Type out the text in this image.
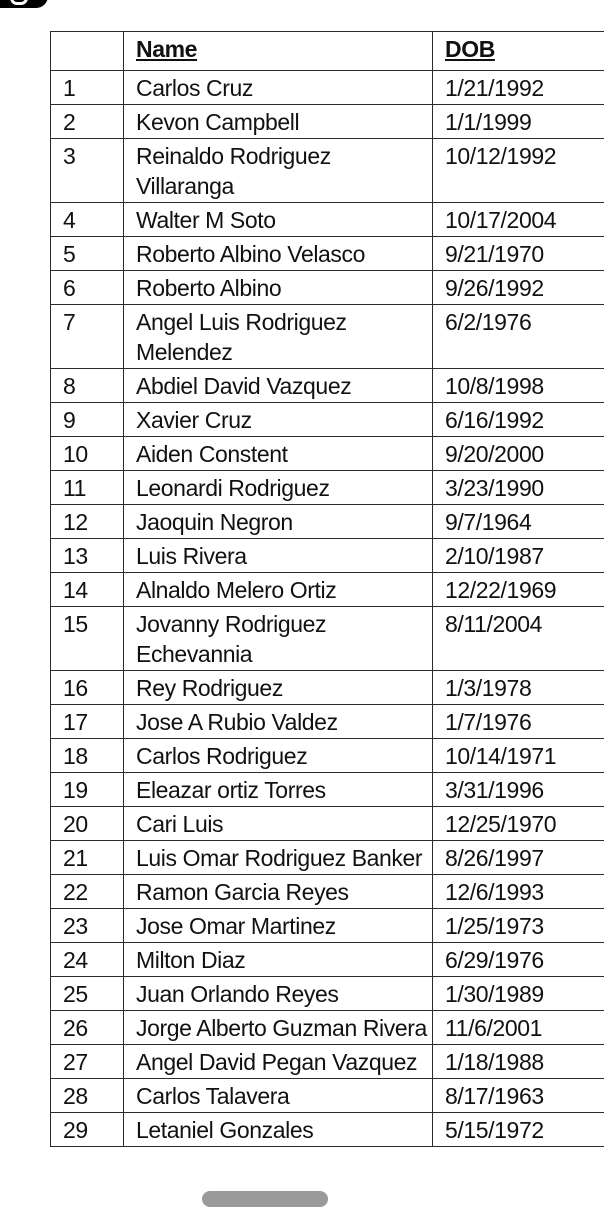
	Name	DOB
1	Carlos Cruz	1/21/1992
2	Kevon Campbell	1/1/1999
3	Reinaldo Rodriguez Villaranga	10/12/1992
4	Walter M Soto	10/17/2004
5	Roberto Albino Velasco	9/21/1970
6	Roberto Albino	9/26/1992
7	Angel Luis Rodriguez Melendez	6/2/1976
8	Abdiel David Vazquez	10/8/1998
9	Xavier Cruz	6/16/1992
10	Aiden Constent	9/20/2000
11	Leonardi Rodriguez	3/23/1990
12	Jaoquin Negron	9/7/1964
13	Luis Rivera	2/10/1987
14	Alnaldo Melero Ortiz	12/22/1969
15	Jovanny Rodriguez Echevannia	8/11/2004
16	Rey Rodriguez	1/3/1978
17	Jose A Rubio Valdez	1/7/1976
18	Carlos Rodriguez	10/14/1971
19	Eleazar ortiz Torres	3/31/1996
20	Cari Luis	12/25/1970
21	Luis Omar Rodriguez Banker	8/26/1997
22	Ramon Garcia Reyes	12/6/1993
23	Jose Omar Martinez	1/25/1973
24	Milton Diaz	6/29/1976
25	Juan Orlando Reyes	1/30/1989
26	Jorge Alberto Guzman Rivera	11/6/2001
27	Angel David Pegan Vazquez	1/18/1988
28	Carlos Talavera	8/17/1963
29	Letaniel Gonzales	5/15/1972
